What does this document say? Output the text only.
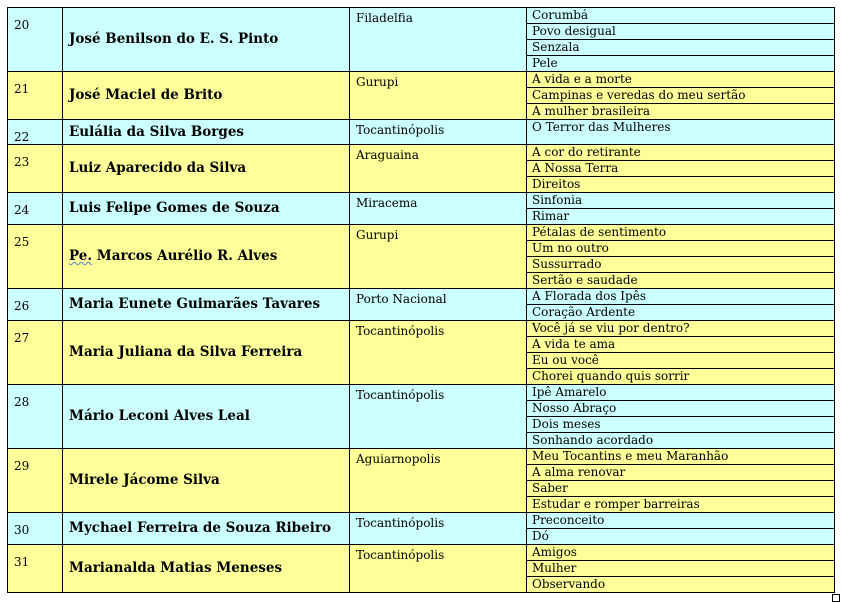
20	José Benilson do E. S. Pinto	Filadelfia	Corumbá
Povo desigual
Senzala
Pele

21	José Maciel de Brito	Gurupi	A vida e a morte
Campinas e veredas do meu sertão
A mulher brasileira

22	Eulália da Silva Borges	Tocantinópolis	O Terror das Mulheres

23	Luiz Aparecido da Silva	Araguaina	A cor do retirante
A Nossa Terra
Direitos

24	Luis Felipe Gomes de Souza	Miracema	Sinfonia
Rimar

25	Pe. Marcos Aurélio R. Alves	Gurupi	Pétalas de sentimento
Um no outro
Sussurrado
Sertão e saudade

26	Maria Eunete Guimarães Tavares	Porto Nacional	A Florada dos Ipês
Coração Ardente

27	Maria Juliana da Silva Ferreira	Tocantinópolis	Você já se viu por dentro?
A vida te ama
Eu ou você
Chorei quando quis sorrir

28	Mário Leconi Alves Leal	Tocantinópolis	Ipê Amarelo
Nosso Abraço
Dois meses
Sonhando acordado

29	Mirele Jácome Silva	Aguiarnopolis	Meu Tocantins e meu Maranhão
A alma renovar
Saber
Estudar e romper barreiras

30	Mychael Ferreira de Souza Ribeiro	Tocantinópolis	Preconceito
Dó

31	Marianalda Matias Meneses	Tocantinópolis	Amigos
Mulher
Observando
